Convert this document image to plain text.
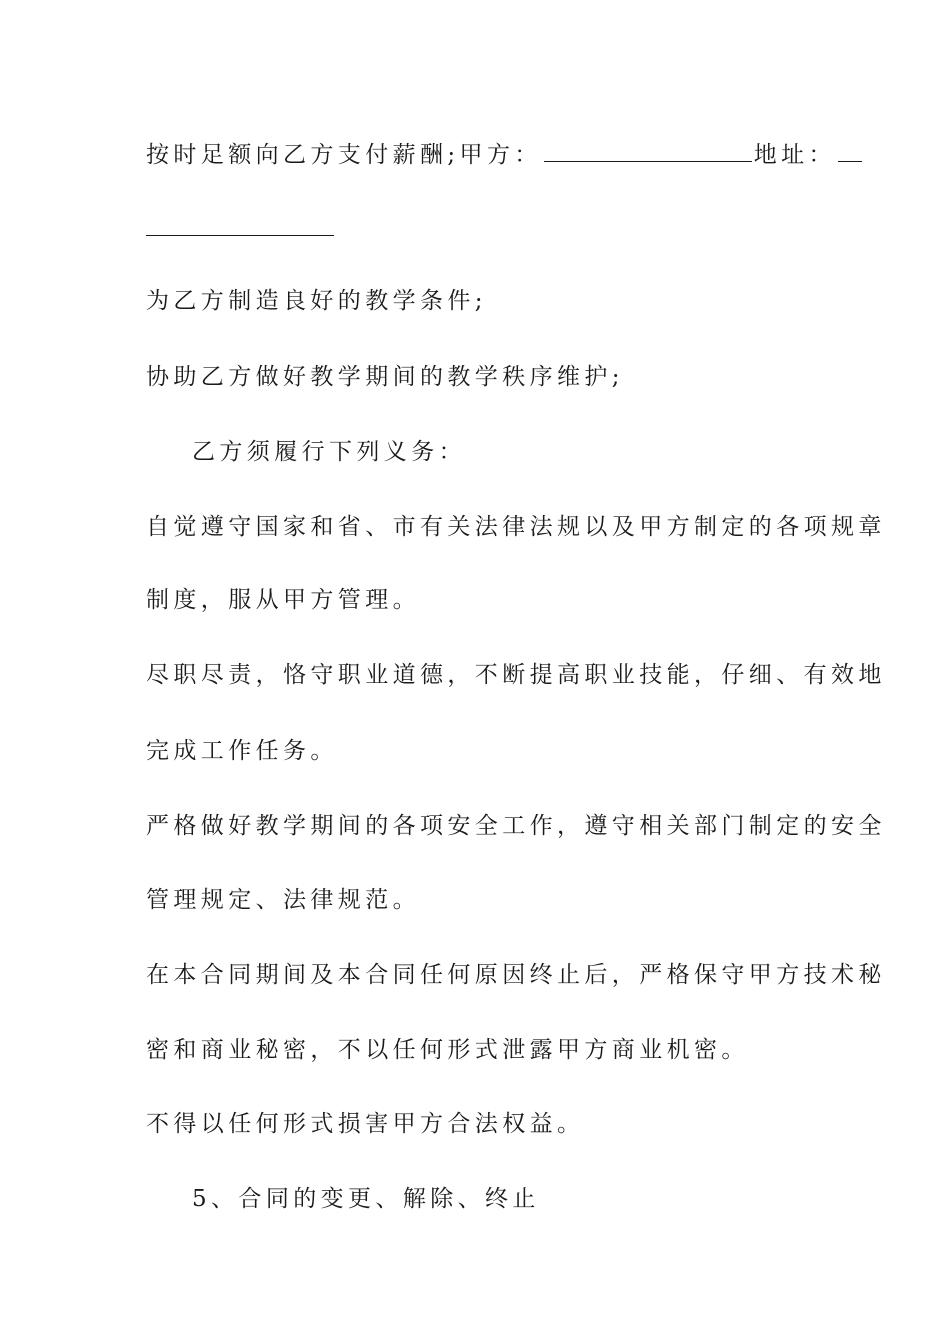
按时足额向乙方支付薪酬;甲方：	地址：
为乙方制造良好的教学条件;
协助乙方做好教学期间的教学秩序维护;
乙方须履行下列义务：
自觉遵守国家和省、市有关法律法规以及甲方制定的各项规章
制度，服从甲方管理。
尽职尽责，恪守职业道德，不断提高职业技能，仔细、有效地
完成工作任务。
严格做好教学期间的各项安全工作，遵守相关部门制定的安全
管理规定、法律规范。
在本合同期间及本合同任何原因终止后，严格保守甲方技术秘
密和商业秘密，不以任何形式泄露甲方商业机密。
不得以任何形式损害甲方合法权益。
5、合同的变更、解除、终止
